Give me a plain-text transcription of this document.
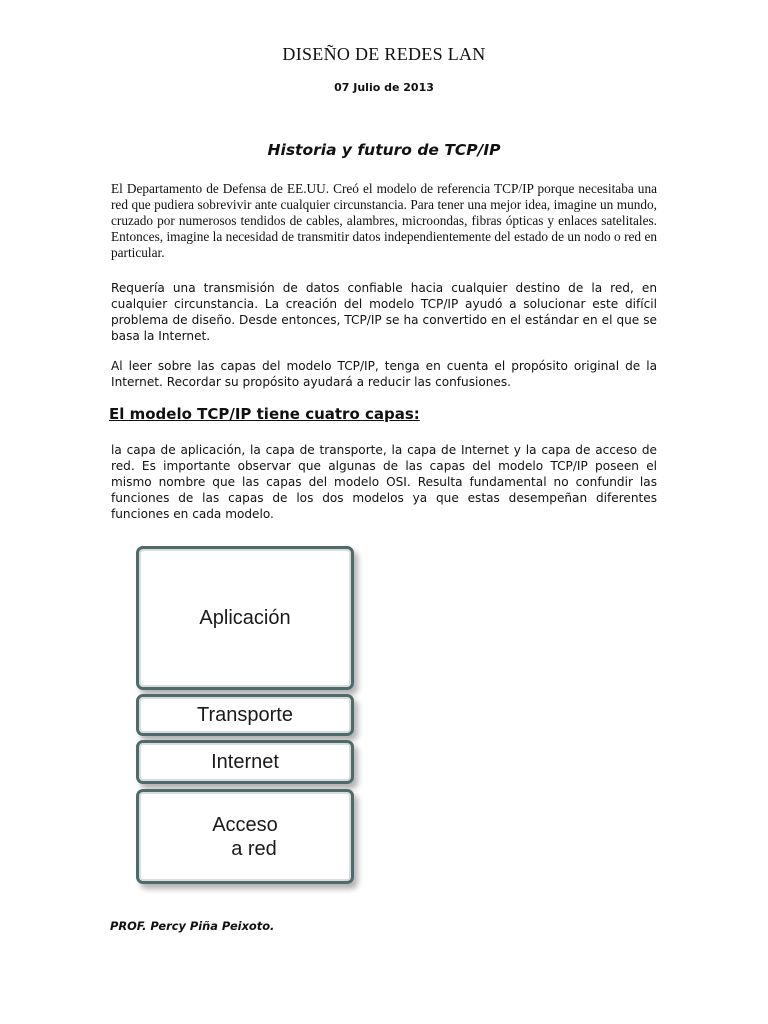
DISEÑO DE REDES LAN
07 Julio de 2013
Historia y futuro de TCP/IP

El Departamento de Defensa de EE.UU. Creó el modelo de referencia TCP/IP porque necesitaba una red que pudiera sobrevivir ante cualquier circunstancia. Para tener una mejor idea, imagine un mundo, cruzado por numerosos tendidos de cables, alambres, microondas, fibras ópticas y enlaces satelitales. Entonces, imagine la necesidad de transmitir datos independientemente del estado de un nodo o red en particular.

Requería una transmisión de datos confiable hacia cualquier destino de la red, en cualquier circunstancia. La creación del modelo TCP/IP ayudó a solucionar este difícil problema de diseño. Desde entonces, TCP/IP se ha convertido en el estándar en el que se basa la Internet.

Al leer sobre las capas del modelo TCP/IP, tenga en cuenta el propósito original de la Internet. Recordar su propósito ayudará a reducir las confusiones.

El modelo TCP/IP tiene cuatro capas:

la capa de aplicación, la capa de transporte, la capa de Internet y la capa de acceso de red. Es importante observar que algunas de las capas del modelo TCP/IP poseen el mismo nombre que las capas del modelo OSI. Resulta fundamental no confundir las funciones de las capas de los dos modelos ya que estas desempeñan diferentes funciones en cada modelo.

Aplicación
Transporte
Internet
Acceso
a red
PROF. Percy Piña Peixoto.
